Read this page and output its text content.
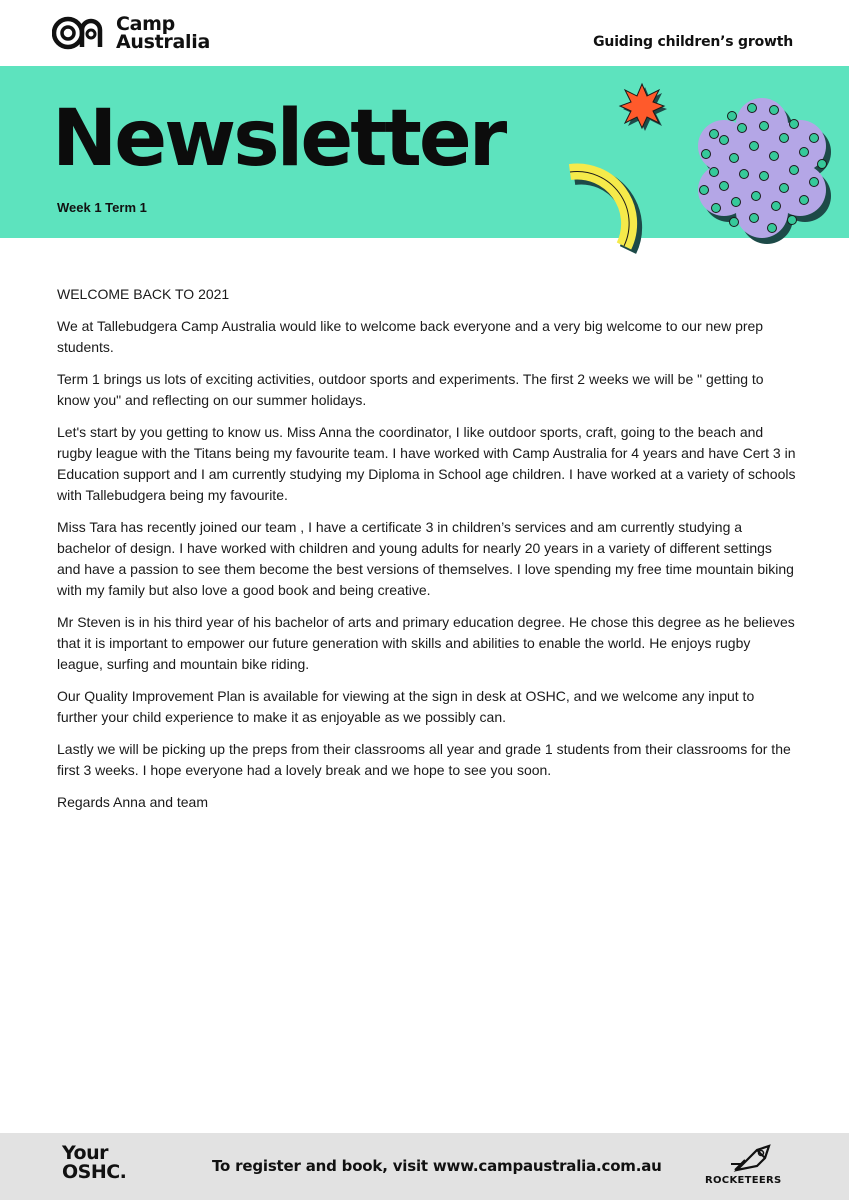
Camp
Australia	Guiding children’s growth
Newsletter
Week 1 Term 1

WELCOME BACK TO 2021

We at Tallebudgera Camp Australia would like to welcome back everyone and a very big welcome to our new prep students.

Term 1 brings us lots of exciting activities, outdoor sports and experiments. The first 2 weeks we will be " getting to know you" and reflecting on our summer holidays.

Let's start by you getting to know us. Miss Anna the coordinator, I like outdoor sports, craft, going to the beach and rugby league with the Titans being my favourite team. I have worked with Camp Australia for 4 years and have Cert 3 in Education support and I am currently studying my Diploma in School age children. I have worked at a variety of schools with Tallebudgera being my favourite.

Miss Tara has recently joined our team , I have a certificate 3 in children’s services and am currently studying a bachelor of design. I have worked with children and young adults for nearly 20 years in a variety of different settings and have a passion to see them become the best versions of themselves. I love spending my free time mountain biking with my family but also love a good book and being creative.

Mr Steven is in his third year of his bachelor of arts and primary education degree. He chose this degree as he believes that it is important to empower our future generation with skills and abilities to enable the world. He enjoys rugby league, surfing and mountain bike riding.

Our Quality Improvement Plan is available for viewing at the sign in desk at OSHC, and we welcome any input to further your child experience to make it as enjoyable as we possibly can.

Lastly we will be picking up the preps from their classrooms all year and grade 1 students from their classrooms for the first 3 weeks. I hope everyone had a lovely break and we hope to see you soon.

Regards Anna and team

Your
OSHC.	To register and book, visit www.campaustralia.com.au
ROCKETEERS
